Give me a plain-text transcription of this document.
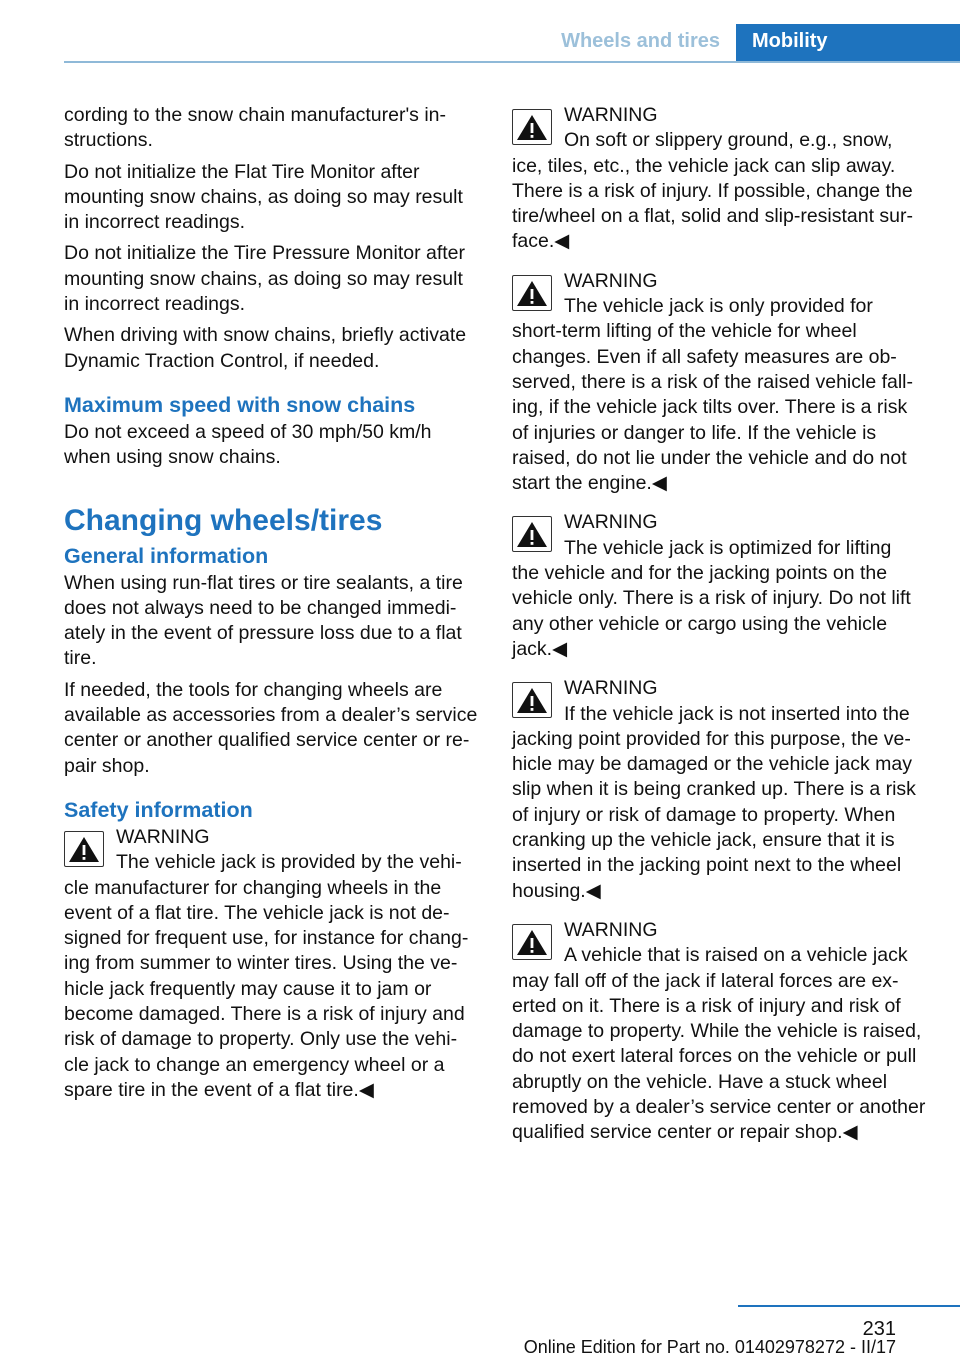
Wheels and tires	Mobility

cording to the snow chain manufacturer's in‐structions.

Do not initialize the Flat Tire Monitor after mounting snow chains, as doing so may result in incorrect readings.

Do not initialize the Tire Pressure Monitor after mounting snow chains, as doing so may result in incorrect readings.

When driving with snow chains, briefly activate Dynamic Traction Control, if needed.

Maximum speed with snow chains

Do not exceed a speed of 30 mph/50 km/h when using snow chains.

Changing wheels/tires
General information

When using run-flat tires or tire sealants, a tire does not always need to be changed immedi‐ately in the event of pressure loss due to a flat tire.

If needed, the tools for changing wheels are available as accessories from a dealer’s service center or another qualified service center or re‐pair shop.

Safety information

WARNING

The vehicle jack is provided by the vehi‐
cle manufacturer for changing wheels in the event of a flat tire. The vehicle jack is not de‐signed for frequent use, for instance for chang‐ing from summer to winter tires. Using the ve‐hicle jack frequently may cause it to jam or become damaged. There is a risk of injury and risk of damage to property. Only use the vehi‐cle jack to change an emergency wheel or a spare tire in the event of a flat tire.◀

WARNING

On soft or slippery ground, e.g., snow,
ice, tiles, etc., the vehicle jack can slip away. There is a risk of injury. If possible, change the tire/wheel on a flat, solid and slip-resistant sur‐face.◀

WARNING

The vehicle jack is only provided for
short-term lifting of the vehicle for wheel changes. Even if all safety measures are ob‐served, there is a risk of the raised vehicle fall‐ing, if the vehicle jack tilts over. There is a risk of injuries or danger to life. If the vehicle is raised, do not lie under the vehicle and do not start the engine.◀

WARNING

The vehicle jack is optimized for lifting
the vehicle and for the jacking points on the vehicle only. There is a risk of injury. Do not lift any other vehicle or cargo using the vehicle jack.◀

WARNING

If the vehicle jack is not inserted into the
jacking point provided for this purpose, the ve‐hicle may be damaged or the vehicle jack may slip when it is being cranked up. There is a risk of injury or risk of damage to property. When cranking up the vehicle jack, ensure that it is inserted in the jacking point next to the wheel housing.◀

WARNING

A vehicle that is raised on a vehicle jack
may fall off of the jack if lateral forces are ex‐erted on it. There is a risk of injury and risk of damage to property. While the vehicle is raised, do not exert lateral forces on the vehicle or pull abruptly on the vehicle. Have a stuck wheel removed by a dealer’s service center or another qualified service center or repair shop.◀

231
Online Edition for Part no. 01402978272 - II/17
